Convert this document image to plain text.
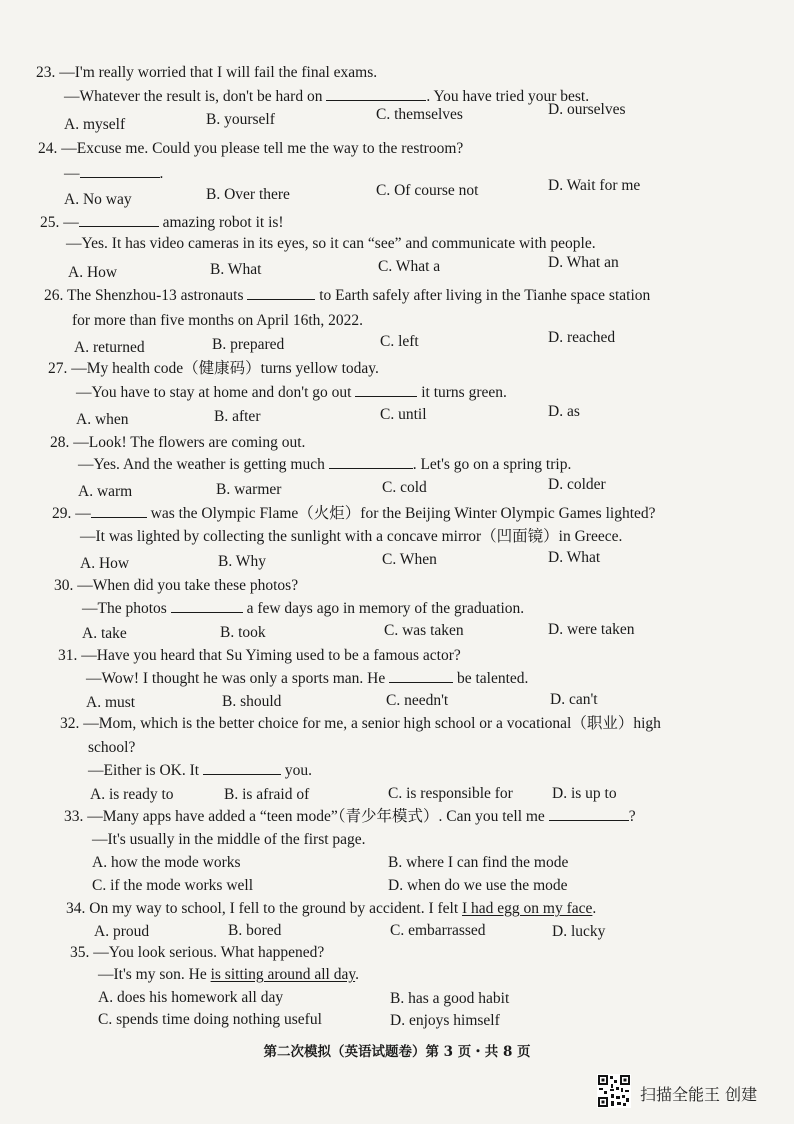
23. —I'm really worried that I will fail the final exams.
—Whatever the result is, don't be hard on	. You have tried your best.
A. myself	B. yourself	C. themselves	D. ourselves
24. —Excuse me. Could you please tell me the way to the restroom?
—	.
A. No way	B. Over there	C. Of course not	D. Wait for me
25. —	amazing robot it is!
—Yes. It has video cameras in its eyes, so it can “see” and communicate with people.
A. How	B. What	C. What a	D. What an
26. The Shenzhou-13 astronauts	to Earth safely after living in the Tianhe space station
for more than five months on April 16th, 2022.
A. returned	B. prepared	C. left	D. reached
27. —My health code（健康码）turns yellow today.
—You have to stay at home and don't go out	it turns green.
A. when	B. after	C. until	D. as
28. —Look! The flowers are coming out.
—Yes. And the weather is getting much	. Let's go on a spring trip.
A. warm	B. warmer	C. cold	D. colder
29. —	was the Olympic Flame（火炬）for the Beijing Winter Olympic Games lighted?
—It was lighted by collecting the sunlight with a concave mirror（凹面镜）in Greece.
A. How	B. Why	C. When	D. What
30. —When did you take these photos?
—The photos	a few days ago in memory of the graduation.
A. take	B. took	C. was taken	D. were taken
31. —Have you heard that Su Yiming used to be a famous actor?
—Wow! I thought he was only a sports man. He	be talented.
A. must	B. should	C. needn't	D. can't
32. —Mom, which is the better choice for me, a senior high school or a vocational（职业）high
school?
—Either is OK. It	you.
A. is ready to	B. is afraid of	C. is responsible for	D. is up to
33. —Many apps have added a “teen mode”（青少年模式）. Can you tell me	?
—It's usually in the middle of the first page.
A. how the mode works	B. where I can find the mode
C. if the mode works well	D. when do we use the mode
34. On my way to school, I fell to the ground by accident. I felt I had egg on my face.
A. proud	B. bored	C. embarrassed	D. lucky
35. —You look serious. What happened?
—It's my son. He is sitting around all day.
A. does his homework all day	B. has a good habit
C. spends time doing nothing useful	D. enjoys himself
第二次模拟（英语试题卷）第 3 页・共 8 页
扫描全能王 创建
